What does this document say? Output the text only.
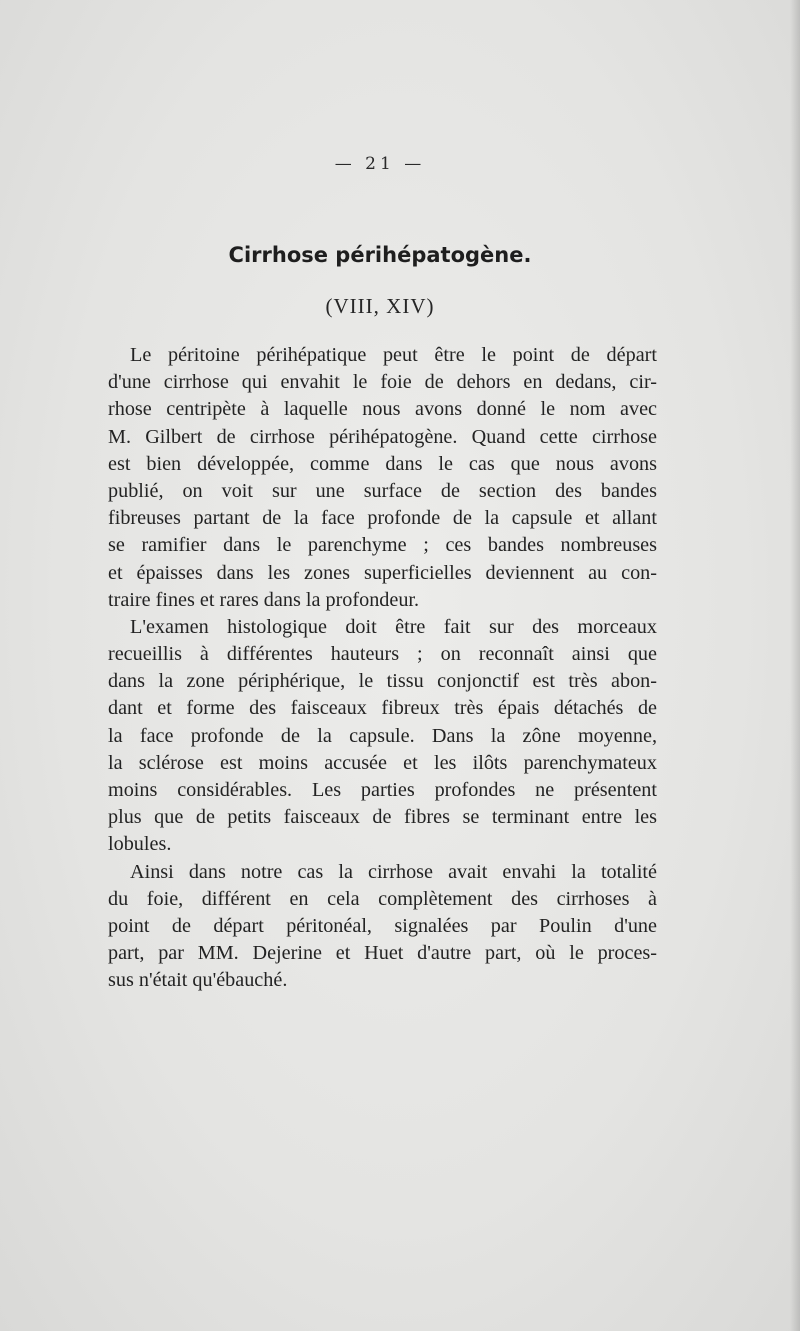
— 21 —
Cirrhose périhépatogène.
(VIII, XIV)
Le péritoine périhépatique peut être le point de départ
d'une cirrhose qui envahit le foie de dehors en dedans, cir-
rhose centripète à laquelle nous avons donné le nom avec
M. Gilbert de cirrhose périhépatogène. Quand cette cirrhose
est bien développée, comme dans le cas que nous avons
publié, on voit sur une surface de section des bandes
fibreuses partant de la face profonde de la capsule et allant
se ramifier dans le parenchyme ; ces bandes nombreuses
et épaisses dans les zones superficielles deviennent au con-
traire fines et rares dans la profondeur.
L'examen histologique doit être fait sur des morceaux
recueillis à différentes hauteurs ; on reconnaît ainsi que
dans la zone périphérique, le tissu conjonctif est très abon-
dant et forme des faisceaux fibreux très épais détachés de
la face profonde de la capsule. Dans la zône moyenne,
la sclérose est moins accusée et les ilôts parenchymateux
moins considérables. Les parties profondes ne présentent
plus que de petits faisceaux de fibres se terminant entre les
lobules.
Ainsi dans notre cas la cirrhose avait envahi la totalité
du foie, différent en cela complètement des cirrhoses à
point de départ péritonéal, signalées par Poulin d'une
part, par MM. Dejerine et Huet d'autre part, où le proces-
sus n'était qu'ébauché.
